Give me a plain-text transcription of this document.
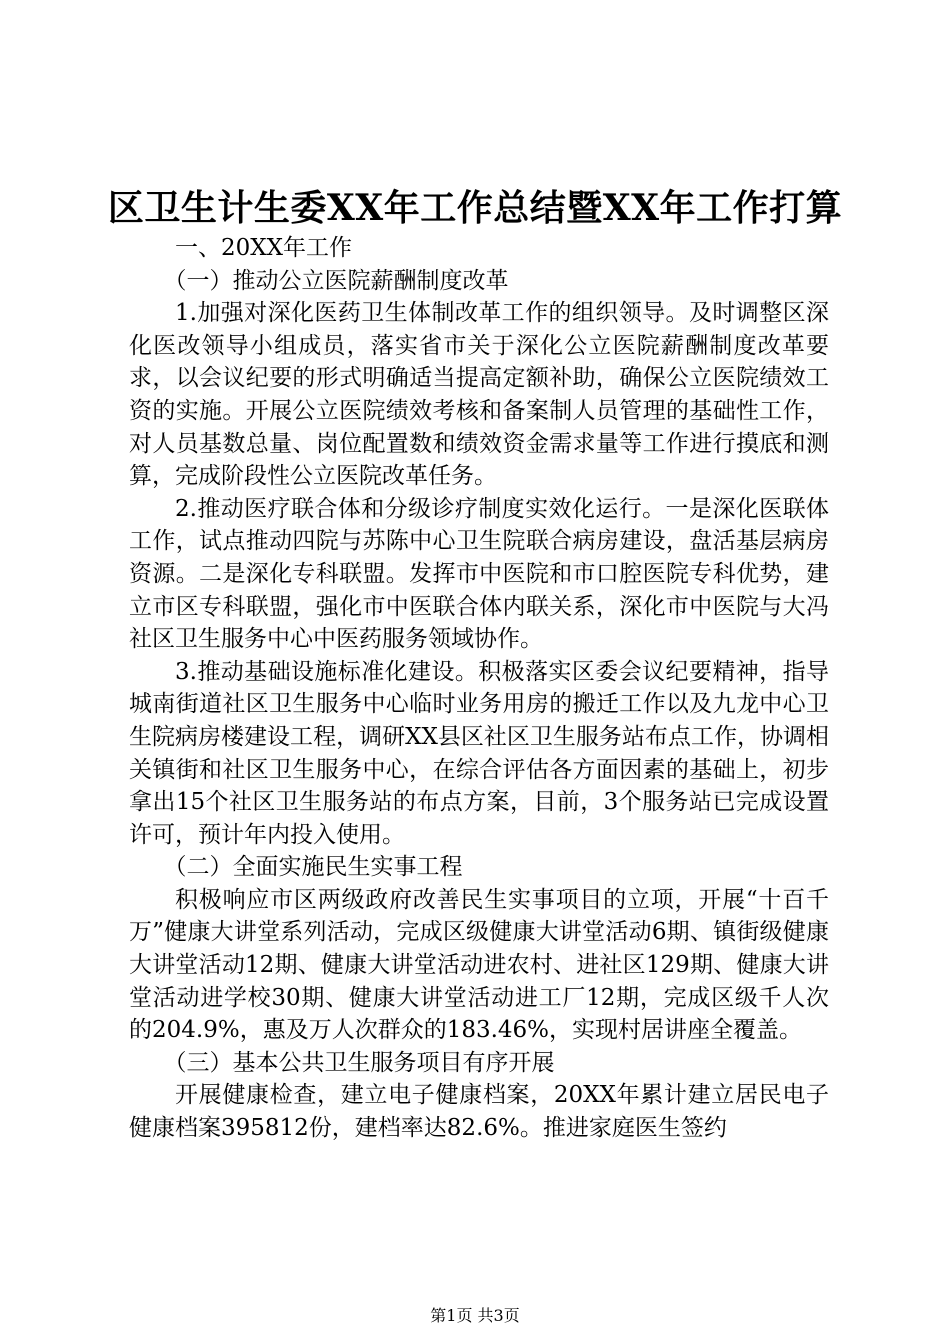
区卫生计生委XX年工作总结暨XX年工作打算

一、20XX年工作

（一）推动公立医院薪酬制度改革

1.加强对深化医药卫生体制改革工作的组织领导。及时调整区深化医改领导小组成员，落实省市关于深化公立医院薪酬制度改革要求，以会议纪要的形式明确适当提高定额补助，确保公立医院绩效工资的实施。开展公立医院绩效考核和备案制人员管理的基础性工作，对人员基数总量、岗位配置数和绩效资金需求量等工作进行摸底和测算，完成阶段性公立医院改革任务。

2.推动医疗联合体和分级诊疗制度实效化运行。一是深化医联体工作，试点推动四院与苏陈中心卫生院联合病房建设，盘活基层病房资源。二是深化专科联盟。发挥市中医院和市口腔医院专科优势，建立市区专科联盟，强化市中医联合体内联关系，深化市中医院与大冯社区卫生服务中心中医药服务领域协作。

3.推动基础设施标准化建设。积极落实区委会议纪要精神，指导城南街道社区卫生服务中心临时业务用房的搬迁工作以及九龙中心卫生院病房楼建设工程，调研XX县区社区卫生服务站布点工作，协调相关镇街和社区卫生服务中心，在综合评估各方面因素的基础上，初步拿出15个社区卫生服务站的布点方案，目前，3个服务站已完成设置许可，预计年内投入使用。

（二）全面实施民生实事工程

积极响应市区两级政府改善民生实事项目的立项，开展“十百千万”健康大讲堂系列活动，完成区级健康大讲堂活动6期、镇街级健康大讲堂活动12期、健康大讲堂活动进农村、进社区129期、健康大讲堂活动进学校30期、健康大讲堂活动进工厂12期，完成区级千人次的204.9%，惠及万人次群众的183.46%，实现村居讲座全覆盖。

（三）基本公共卫生服务项目有序开展

开展健康检查，建立电子健康档案，20XX年累计建立居民电子健康档案395812份，建档率达82.6%。推进家庭医生签约

第1页 共3页
